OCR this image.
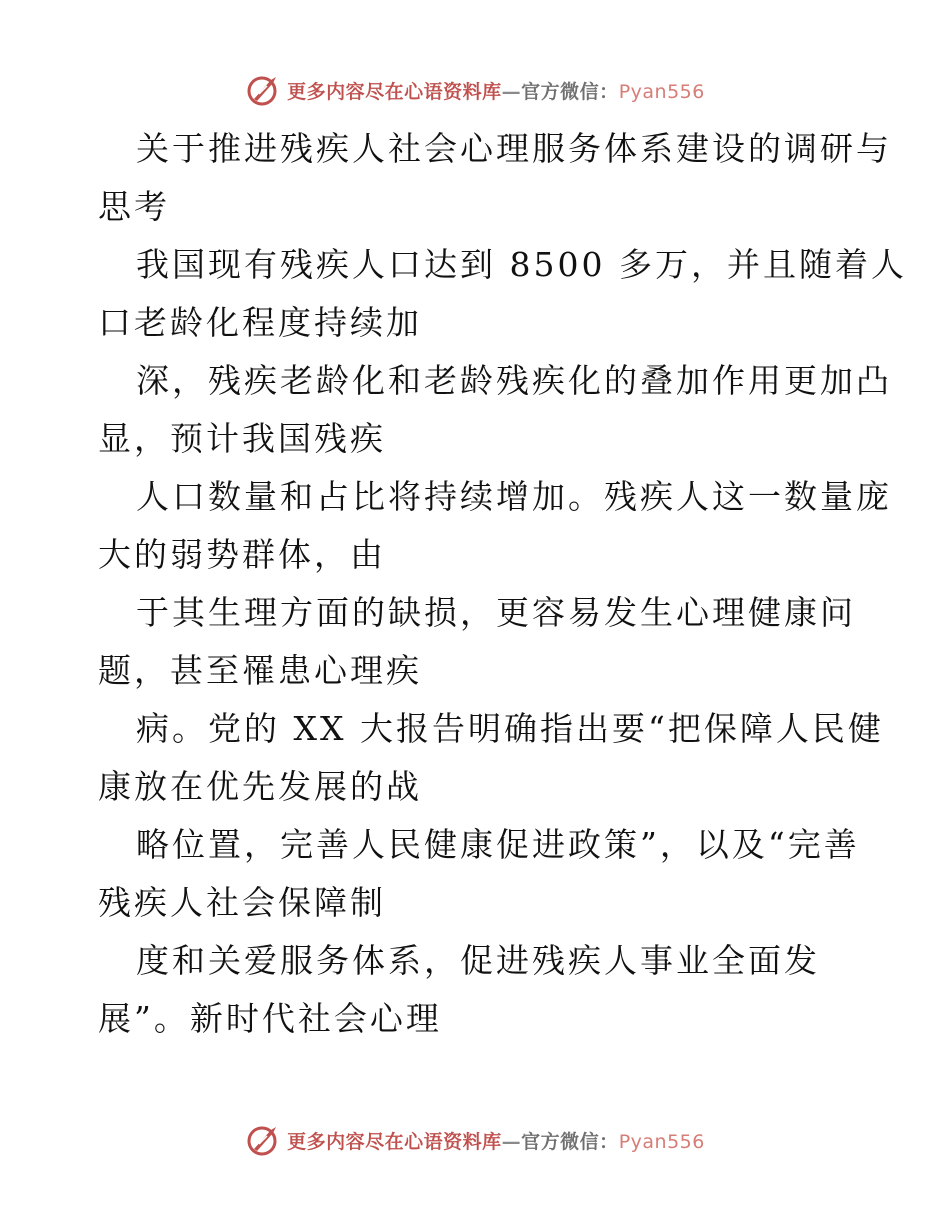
更多内容尽在心语资料库—官方微信：Pyan556
关于推进残疾人社会心理服务体系建设的调研与
思考
我国现有残疾人口达到 8500 多万，并且随着人
口老龄化程度持续加
深，残疾老龄化和老龄残疾化的叠加作用更加凸
显，预计我国残疾
人口数量和占比将持续增加。残疾人这一数量庞
大的弱势群体，由
于其生理方面的缺损，更容易发生心理健康问
题，甚至罹患心理疾
病。党的 XX 大报告明确指出要“把保障人民健
康放在优先发展的战
略位置，完善人民健康促进政策”，以及“完善
残疾人社会保障制
度和关爱服务体系，促进残疾人事业全面发
展”。新时代社会心理
更多内容尽在心语资料库—官方微信：Pyan556
